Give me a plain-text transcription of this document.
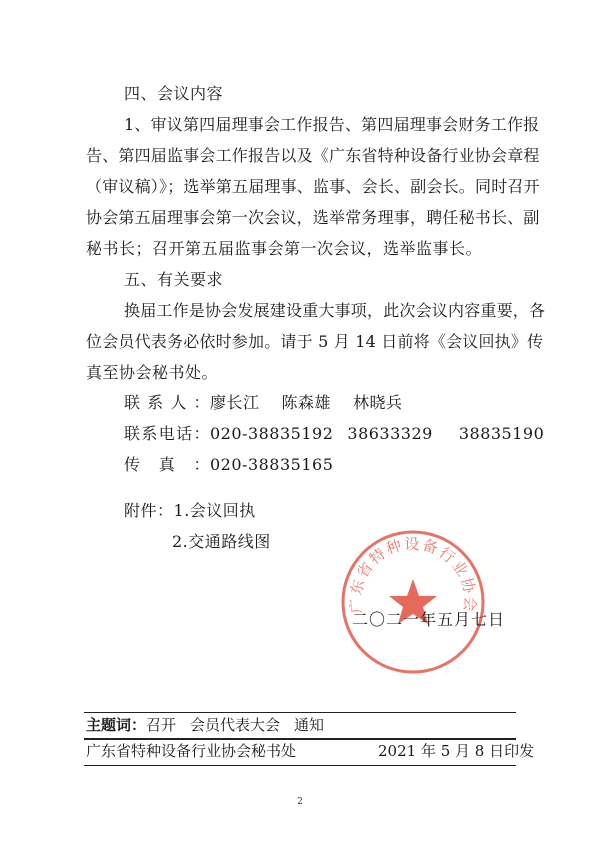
四、会议内容
1、审议第四届理事会工作报告、第四届理事会财务工作报
告、第四届监事会工作报告以及《广东省特种设备行业协会章程
（审议稿）》；选举第五届理事、监事、会长、副会长。同时召开
协会第五届理事会第一次会议，选举常务理事，聘任秘书长、副
秘书长；召开第五届监事会第一次会议，选举监事长。
五、有关要求
换届工作是协会发展建设重大事项，此次会议内容重要，各
位会员代表务必依时参加。请于 5 月 14 日前将《会议回执》传
真至协会秘书处。
联系人：廖长江 陈森雄 林晓兵
联系电话：020-38835192 38633329 38835190
传真：020-38835165
附件：1.会议回执
2.交通路线图
广东省特种设备行业协会
二〇二一年五月七日
主题词：召开 会员代表大会 通知
广东省特种设备行业协会秘书处	2021 年 5 月 8 日印发
2
